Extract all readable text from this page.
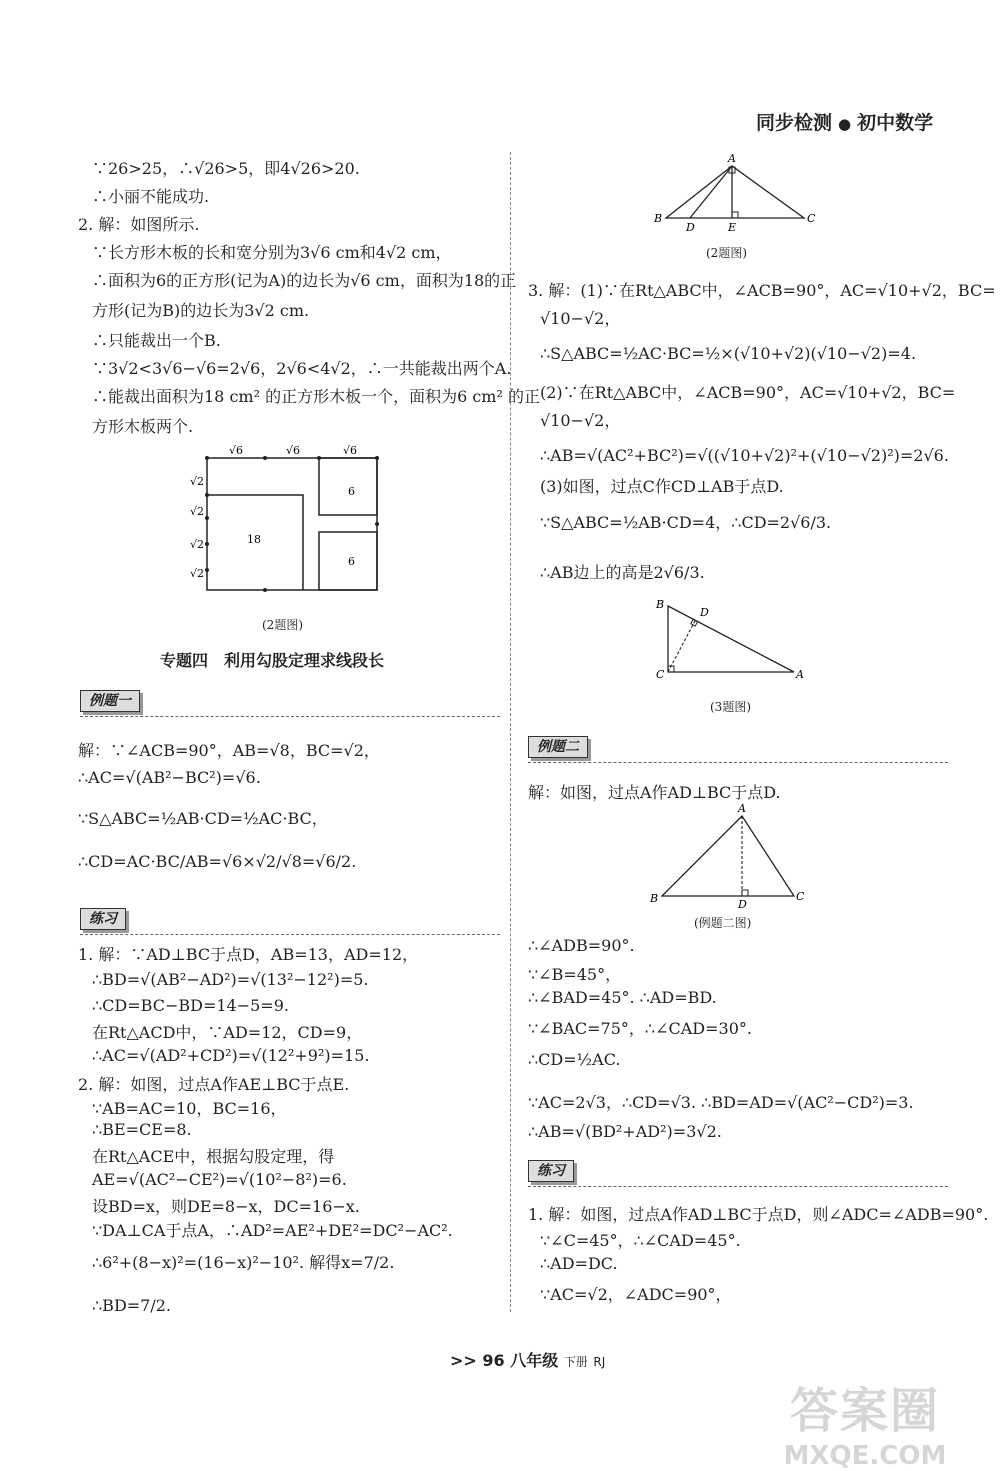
同步检测 ● 初中数学
∵26>25，∴√26>5，即4√26>20.
∴小丽不能成功.
2. 解：如图所示.
∵长方形木板的长和宽分别为3√6 cm和4√2 cm，
∴面积为6的正方形(记为A)的边长为√6 cm，面积为18的正
方形(记为B)的边长为3√2 cm.
∴只能裁出一个B.
∵3√2<3√6−√6=2√6，2√6<4√2，∴一共能裁出两个A.
∴能裁出面积为18 cm² 的正方形木板一个，面积为6 cm² 的正
方形木板两个.
√6	√6	√6
√2
√2
√2
√2
18
6
6
(2题图)
专题四　利用勾股定理求线段长
例题一
解：∵∠ACB=90°，AB=√8，BC=√2，
∴AC=√(AB²−BC²)=√6.
∵S△ABC=½AB·CD=½AC·BC，
∴CD=AC·BC/AB=√6×√2/√8=√6/2.
练习
1. 解：∵AD⊥BC于点D，AB=13，AD=12，
∴BD=√(AB²−AD²)=√(13²−12²)=5.
∴CD=BC−BD=14−5=9.
在Rt△ACD中，∵AD=12，CD=9，
∴AC=√(AD²+CD²)=√(12²+9²)=15.
2. 解：如图，过点A作AE⊥BC于点E.
∵AB=AC=10，BC=16，
∴BE=CE=8.
在Rt△ACE中，根据勾股定理，得
AE=√(AC²−CE²)=√(10²−8²)=6.
设BD=x，则DE=8−x，DC=16−x.
∵DA⊥CA于点A，∴AD²=AE²+DE²=DC²−AC².
∴6²+(8−x)²=(16−x)²−10². 解得x=7/2.
∴BD=7/2.
A
B
D	E
C
(2题图)
3. 解：(1)∵在Rt△ABC中，∠ACB=90°，AC=√10+√2，BC=
√10−√2，
∴S△ABC=½AC·BC=½×(√10+√2)(√10−√2)=4.
(2)∵在Rt△ABC中，∠ACB=90°，AC=√10+√2，BC=
√10−√2，
∴AB=√(AC²+BC²)=√((√10+√2)²+(√10−√2)²)=2√6.
(3)如图，过点C作CD⊥AB于点D.
∵S△ABC=½AB·CD=4，∴CD=2√6/3.
∴AB边上的高是2√6/3.
B
D
C	A
(3题图)
例题二
解：如图，过点A作AD⊥BC于点D.
A
B	D
C
(例题二图)
∴∠ADB=90°.
∵∠B=45°，
∴∠BAD=45°. ∴AD=BD.
∵∠BAC=75°，∴∠CAD=30°.
∴CD=½AC.
∵AC=2√3，∴CD=√3. ∴BD=AD=√(AC²−CD²)=3.
∴AB=√(BD²+AD²)=3√2.
练习
1. 解：如图，过点A作AD⊥BC于点D，则∠ADC=∠ADB=90°.
∵∠C=45°，∴∠CAD=45°.
∴AD=DC.
∵AC=√2，∠ADC=90°，
>> 96 八年级 下册 RJ
答案圈
MXQE.COM
